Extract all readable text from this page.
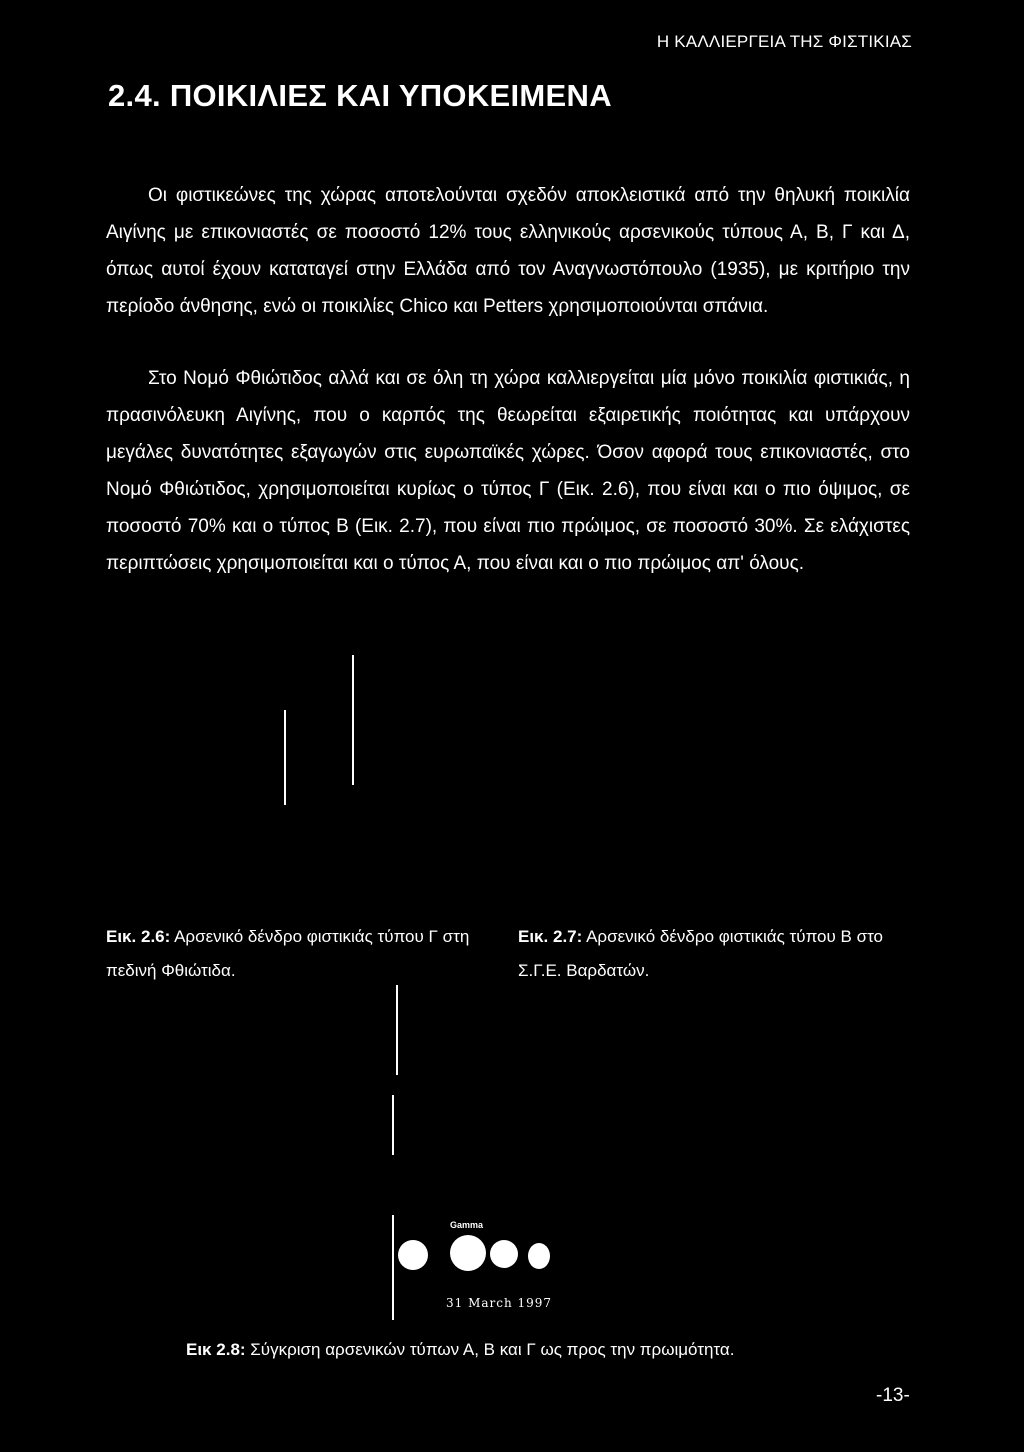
Η ΚΑΛΛΙΕΡΓΕΙΑ ΤΗΣ ΦΙΣΤΙΚΙΑΣ
2.4. ΠΟΙΚΙΛΙΕΣ ΚΑΙ ΥΠΟΚΕΙΜΕΝΑ

Οι φιστικεώνες της χώρας αποτελούνται σχεδόν αποκλειστικά από την θηλυκή ποικιλία Αιγίνης με επικονιαστές σε ποσοστό 12% τους ελληνικούς αρσενικούς τύπους Α, Β, Γ και Δ, όπως αυτοί έχουν καταταγεί στην Ελλάδα από τον Αναγνωστόπουλο (1935), με κριτήριο την περίοδο άνθησης, ενώ οι ποικιλίες Chico και Petters χρησιμοποιούνται σπάνια.

Στο Νομό Φθιώτιδος αλλά και σε όλη τη χώρα καλλιεργείται μία μόνο ποικιλία φιστικιάς, η πρασινόλευκη Αιγίνης, που ο καρπός της θεωρείται εξαιρετικής ποιότητας και υπάρχουν μεγάλες δυνατότητες εξαγωγών στις ευρωπαϊκές χώρες. Όσον αφορά τους επικονιαστές, στο Νομό Φθιώτιδος, χρησιμοποιείται κυρίως ο τύπος Γ (Εικ. 2.6), που είναι και ο πιο όψιμος, σε ποσοστό 70% και ο τύπος Β (Εικ. 2.7), που είναι πιο πρώιμος, σε ποσοστό 30%. Σε ελάχιστες περιπτώσεις χρησιμοποιείται και ο τύπος Α, που είναι και ο πιο πρώιμος απ' όλους.

Εικ. 2.6: Αρσενικό δένδρο φιστικιάς τύπου Γ στη πεδινή Φθιώτιδα.

Εικ. 2.7: Αρσενικό δένδρο φιστικιάς τύπου Β στο Σ.Γ.Ε. Βαρδατών.

Gamma
31 March 1997

Εικ 2.8: Σύγκριση αρσενικών τύπων Α, Β και Γ ως προς την πρωιμότητα.

-13-
